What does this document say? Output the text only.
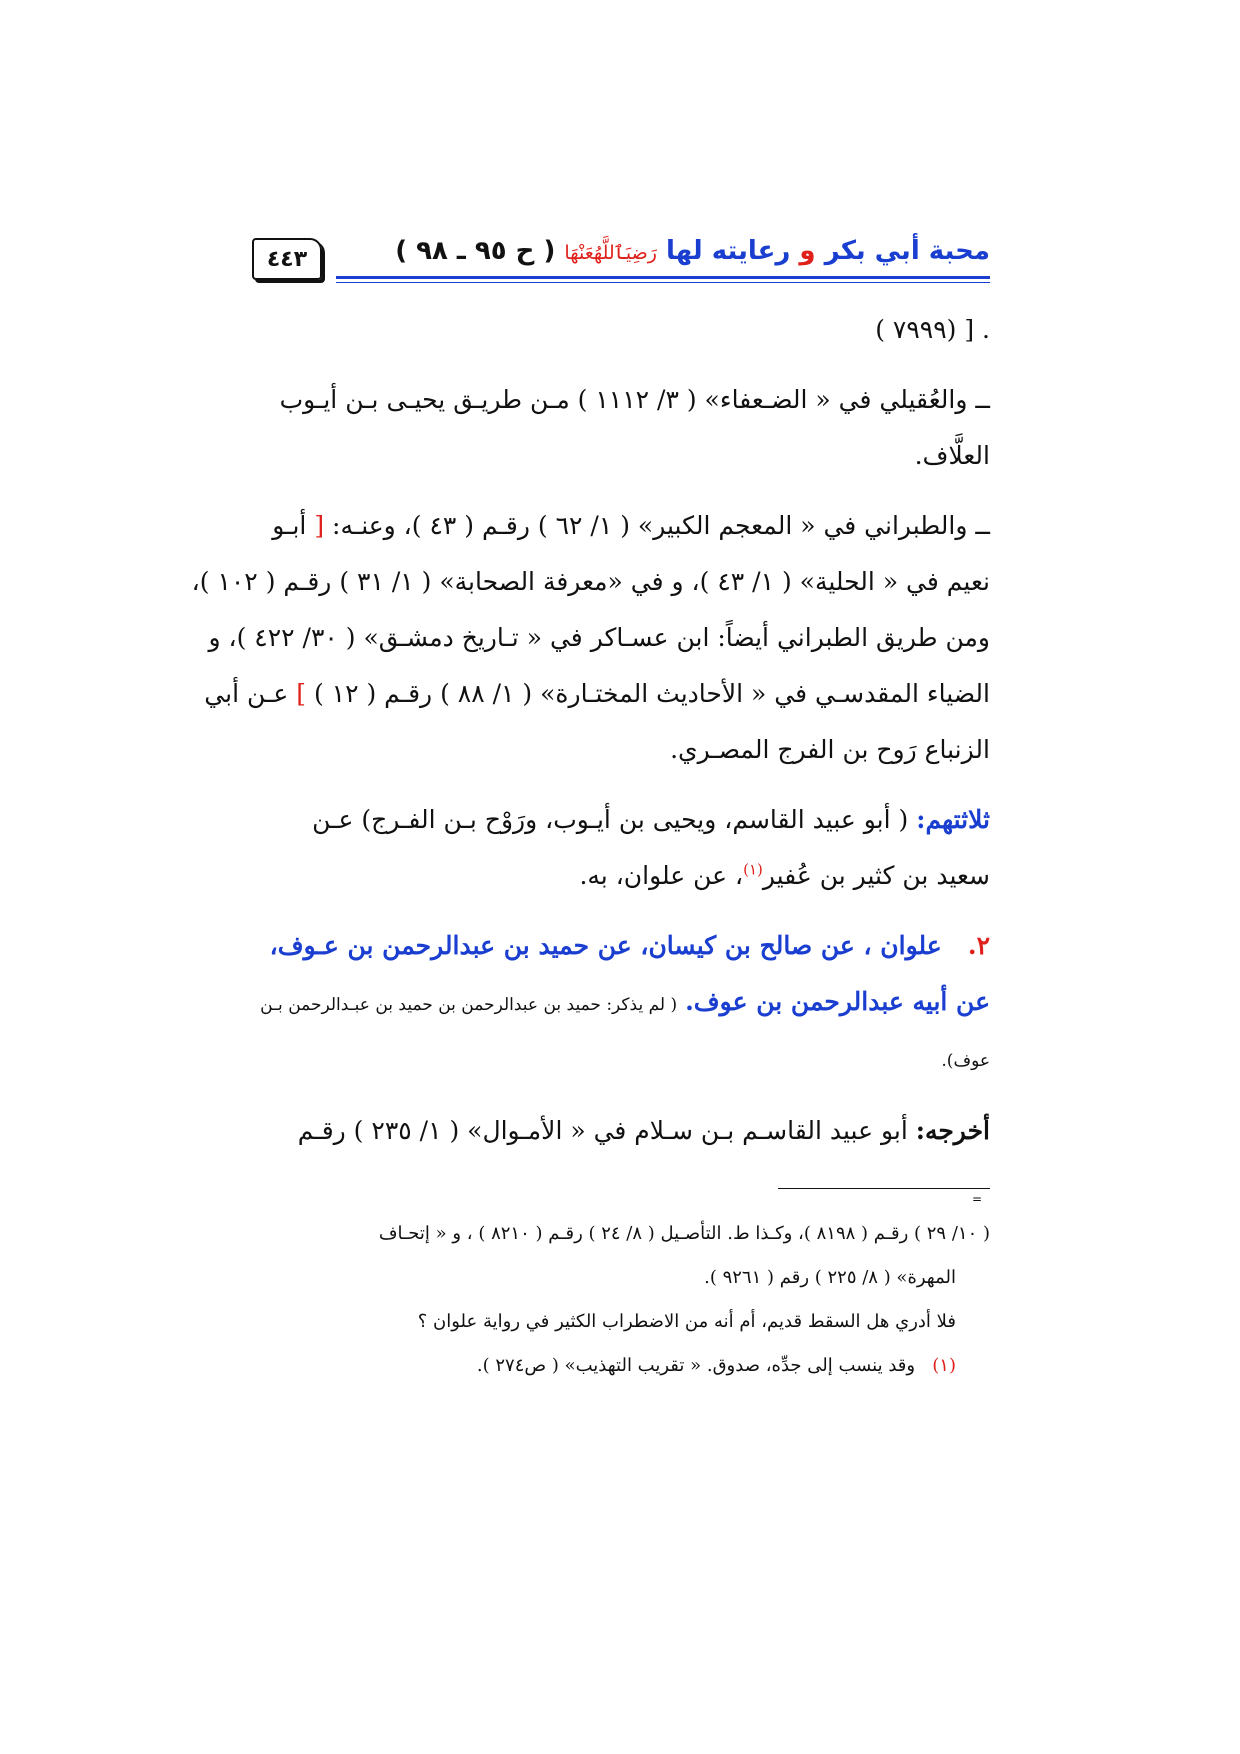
محبة أبي بكر و رعايته لها رَضِيَٱللَّهُعَنْهَا ( ح ٩٥ ـ ٩٨ )
٤٤٣
. [ (٧٩٩٩ )

ــ والعُقيلي في « الضـعفاء» ( ٣/ ١١١٢ ) مـن طريـق يحيـى بـن أيـوب
العلَّاف.

ــ والطبراني في « المعجم الكبير» ( ١/ ٦٢ ) رقـم ( ٤٣ )، وعنـه: [ أبـو
نعيم في « الحلية» ( ١/ ٤٣ )، و في «معرفة الصحابة» ( ١/ ٣١ ) رقـم ( ١٠٢ )،
ومن طريق الطبراني أيضاً: ابن عسـاكر في « تـاريخ دمشـق» ( ٣٠/ ٤٢٢ )، و
الضياء المقدسـي في « الأحاديث المختـارة» ( ١/ ٨٨ ) رقـم ( ١٢ ) ] عـن أبي
الزنباع رَوح بن الفرج المصـري.

ثلاثتهم: ( أبو عبيد القاسم، ويحيى بن أيـوب، ورَوْح بـن الفـرج) عـن
سعيد بن كثير بن عُفير$^{(١)}$، عن علوان، به.

٢.   علوان ، عن صالح بن كيسان، عن حميد بن عبدالرحمن بن عـوف،
عن أبيه عبدالرحمن بن عوف. ( لم يذكر: حميد بن عبدالرحمن بن حميد بن عبـدالرحمن بـن
عوف).

أخرجه: أبو عبيد القاسـم بـن سـلام في « الأمـوال» ( ١/ ٢٣٥ ) رقـم

=
( ١٠/ ٢٩ ) رقـم ( ٨١٩٨ )، وكـذا ط. التأصـيل ( ٨/ ٢٤ ) رقـم ( ٨٢١٠ ) ، و « إتحـاف
المهرة» ( ٨/ ٢٢٥ ) رقم ( ٩٢٦١ ).
فلا أدري هل السقط قديم، أم أنه من الاضطراب الكثير في رواية علوان ؟
(١)   وقد ينسب إلى جدِّه، صدوق. « تقريب التهذيب» ( ص٢٧٤ ).
